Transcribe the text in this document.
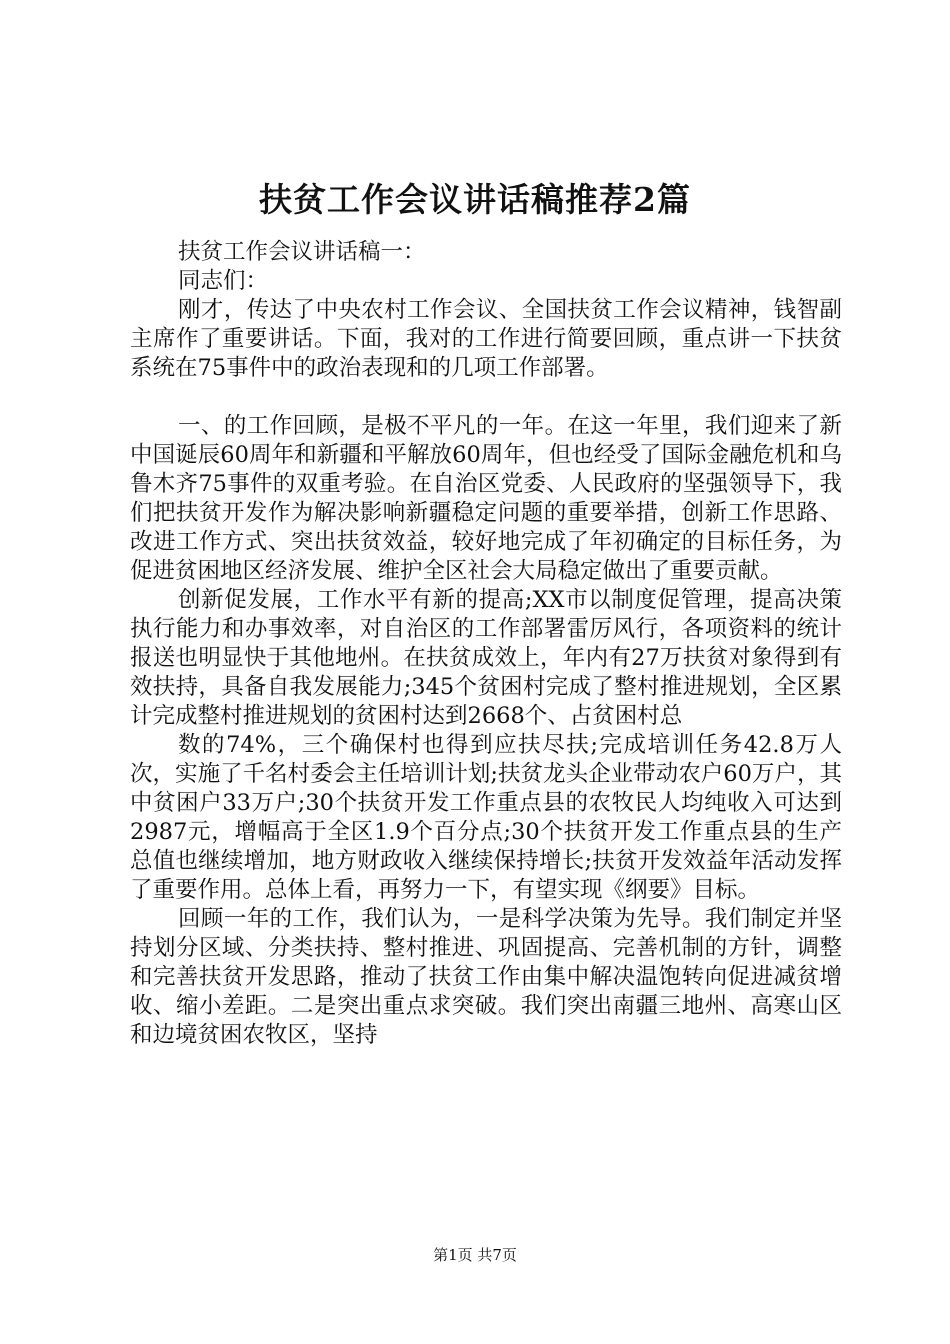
扶贫工作会议讲话稿推荐2篇

扶贫工作会议讲话稿一：

同志们：

刚才，传达了中央农村工作会议、全国扶贫工作会议精神，钱智副主席作了重要讲话。下面，我对的工作进行简要回顾，重点讲一下扶贫系统在75事件中的政治表现和的几项工作部署。

一、的工作回顾，是极不平凡的一年。在这一年里，我们迎来了新中国诞辰60周年和新疆和平解放60周年，但也经受了国际金融危机和乌鲁木齐75事件的双重考验。在自治区党委、人民政府的坚强领导下，我们把扶贫开发作为解决影响新疆稳定问题的重要举措，创新工作思路、改进工作方式、突出扶贫效益，较好地完成了年初确定的目标任务，为促进贫困地区经济发展、维护全区社会大局稳定做出了重要贡献。

创新促发展，工作水平有新的提高;XX市以制度促管理，提高决策执行能力和办事效率，对自治区的工作部署雷厉风行，各项资料的统计报送也明显快于其他地州。在扶贫成效上，年内有27万扶贫对象得到有效扶持，具备自我发展能力;345个贫困村完成了整村推进规划，全区累计完成整村推进规划的贫困村达到2668个、占贫困村总

数的74%，三个确保村也得到应扶尽扶;完成培训任务42.8万人次，实施了千名村委会主任培训计划;扶贫龙头企业带动农户60万户，其中贫困户33万户;30个扶贫开发工作重点县的农牧民人均纯收入可达到2987元，增幅高于全区1.9个百分点;30个扶贫开发工作重点县的生产总值也继续增加，地方财政收入继续保持增长;扶贫开发效益年活动发挥了重要作用。总体上看，再努力一下，有望实现《纲要》目标。

回顾一年的工作，我们认为，一是科学决策为先导。我们制定并坚持划分区域、分类扶持、整村推进、巩固提高、完善机制的方针，调整和完善扶贫开发思路，推动了扶贫工作由集中解决温饱转向促进减贫增收、缩小差距。二是突出重点求突破。我们突出南疆三地州、高寒山区和边境贫困农牧区，坚持

第1页 共7页
